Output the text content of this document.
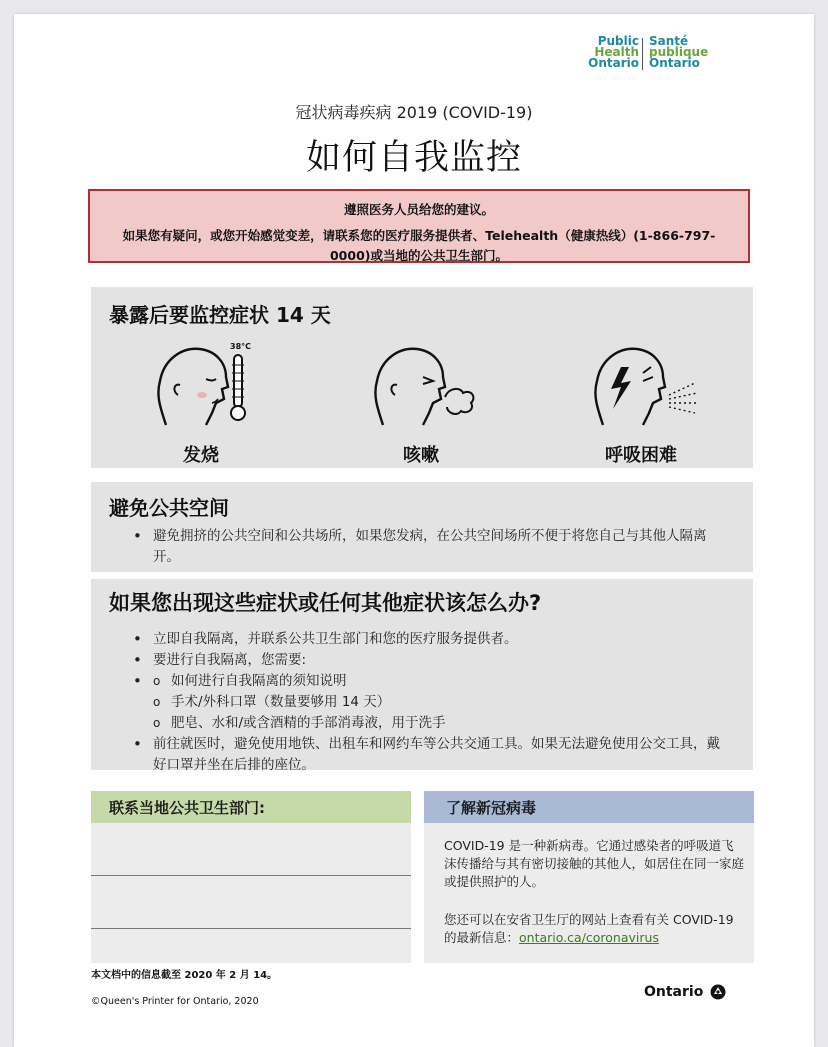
Public
Health
Ontario
Santé
publique
Ontario
冠状病毒疾病 2019 (COVID-19)
如何自我监控
遵照医务人员给您的建议。
如果您有疑问，或您开始感觉变差，请联系您的医疗服务提供者、Telehealth（健康热线）(1-866-797-0000)或当地的公共卫生部门。
暴露后要监控症状 14 天
38°C
发烧	咳嗽	呼吸困难
避免公共空间
• 避免拥挤的公共空间和公共场所，如果您发病，在公共空间场所不便于将您自己与其他人隔离开。
如果您出现这些症状或任何其他症状该怎么办?
• 立即自我隔离，并联系公共卫生部门和您的医疗服务提供者。
• 要进行自我隔离，您需要:
o • 如何进行自我隔离的须知说明
o 手术/外科口罩（数量要够用 14 天）
o 肥皂、水和/或含酒精的手部消毒液，用于洗手
• 前往就医时，避免使用地铁、出租车和网约车等公共交通工具。如果无法避免使用公交工具，戴好口罩并坐在后排的座位。
联系当地公共卫生部门:	了解新冠病毒
COVID-19 是一种新病毒。它通过感染者的呼吸道飞沫传播给与其有密切接触的其他人，如居住在同一家庭或提供照护的人。
您还可以在安省卫生厅的网站上查看有关 COVID-19 的最新信息：ontario.ca/coronavirus
本文档中的信息截至 2020 年 2 月 14。
©Queen's Printer for Ontario, 2020
Ontario
